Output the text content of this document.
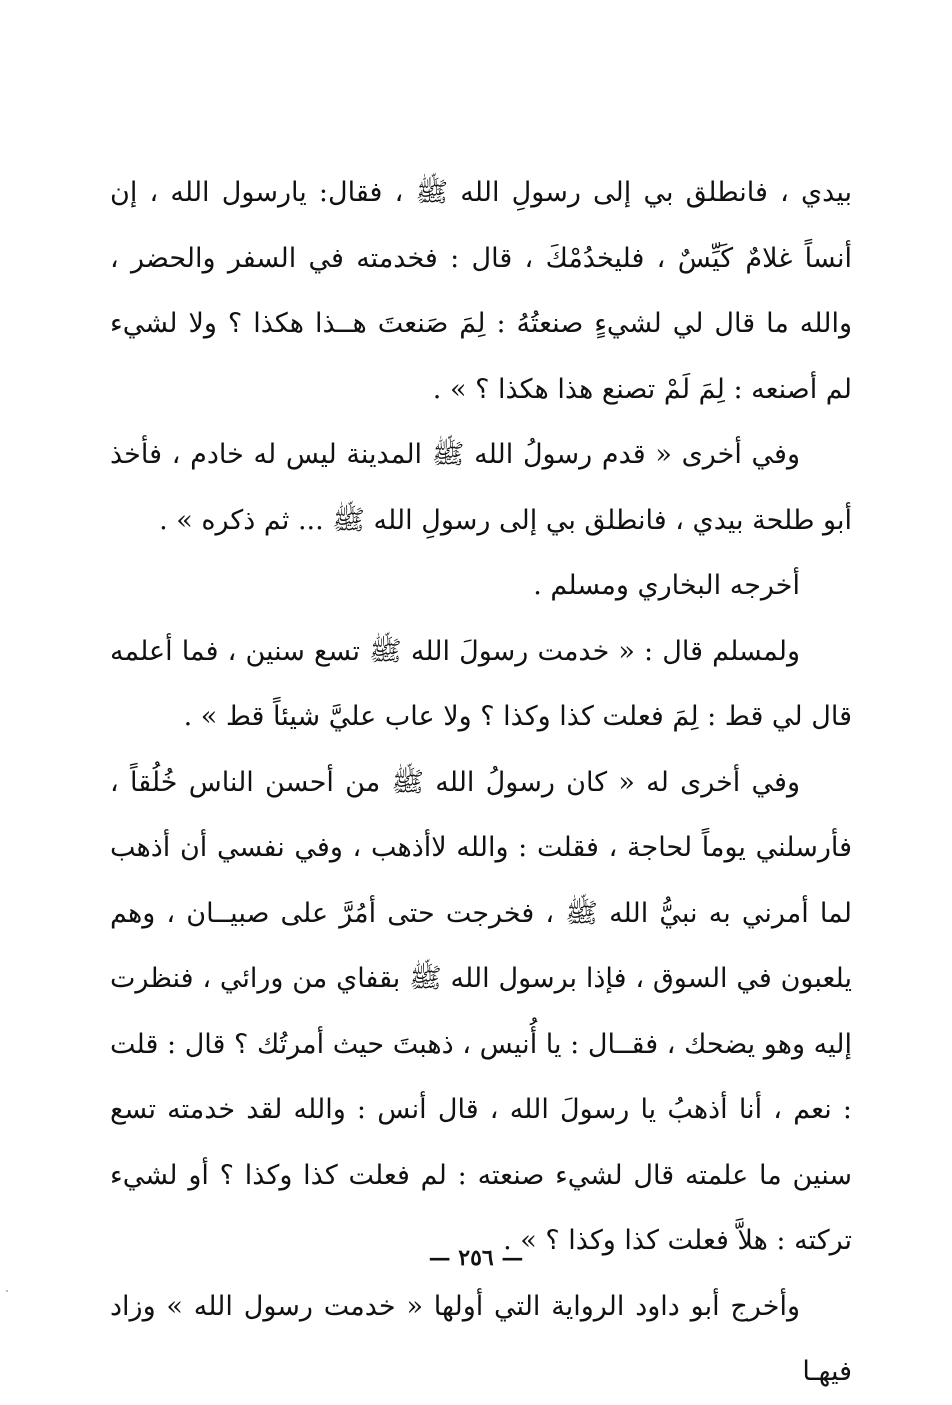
بيدي ، فانطلق بي إلى رسولِ الله ﷺ ، فقال: يارسول الله ، إن أنساً غلامٌ كَيِّسٌ ، فليخدُمْكَ ، قال : فخدمته في السفر والحضر ، والله ما قال لي لشيءٍ صنعتُهُ : لِمَ صَنعتَ هــذا هكذا ؟ ولا لشيء لم أصنعه : لِمَ لَمْ تصنع هذا هكذا ؟ » .

وفي أخرى « قدم رسولُ الله ﷺ المدينة ليس له خادم ، فأخذ أبو طلحة بيدي ، فانطلق بي إلى رسولِ الله ﷺ ... ثم ذكره » .

أخرجه البخاري ومسلم .

ولمسلم قال : « خدمت رسولَ الله ﷺ تسع سنين ، فما أعلمه قال لي قط : لِمَ فعلت كذا وكذا ؟ ولا عاب عليَّ شيئاً قط » .

وفي أخرى له « كان رسولُ الله ﷺ من أحسن الناس خُلُقاً ، فأرسلني يوماً لحاجة ، فقلت : والله لاأذهب ، وفي نفسي أن أذهب لما أمرني به نبيُّ الله ﷺ ، فخرجت حتى أمُرَّ على صبيــان ، وهم يلعبون في السوق ، فإذا برسول الله ﷺ بقفاي من ورائي ، فنظرت إليه وهو يضحك ، فقــال : يا أُنيس ، ذهبتَ حيث أمرتُك ؟ قال : قلت : نعم ، أنا أذهبُ يا رسولَ الله ، قال أنس : والله لقد خدمته تسع سنين ما علمته قال لشيء صنعته : لم فعلت كذا وكذا ؟ أو لشيء تركته : هلاَّ فعلت كذا وكذا ؟ » .

وأخرج أبو داود الرواية التي أولها « خدمت رسول الله » وزاد فيهـا

— ٢٥٦ —
